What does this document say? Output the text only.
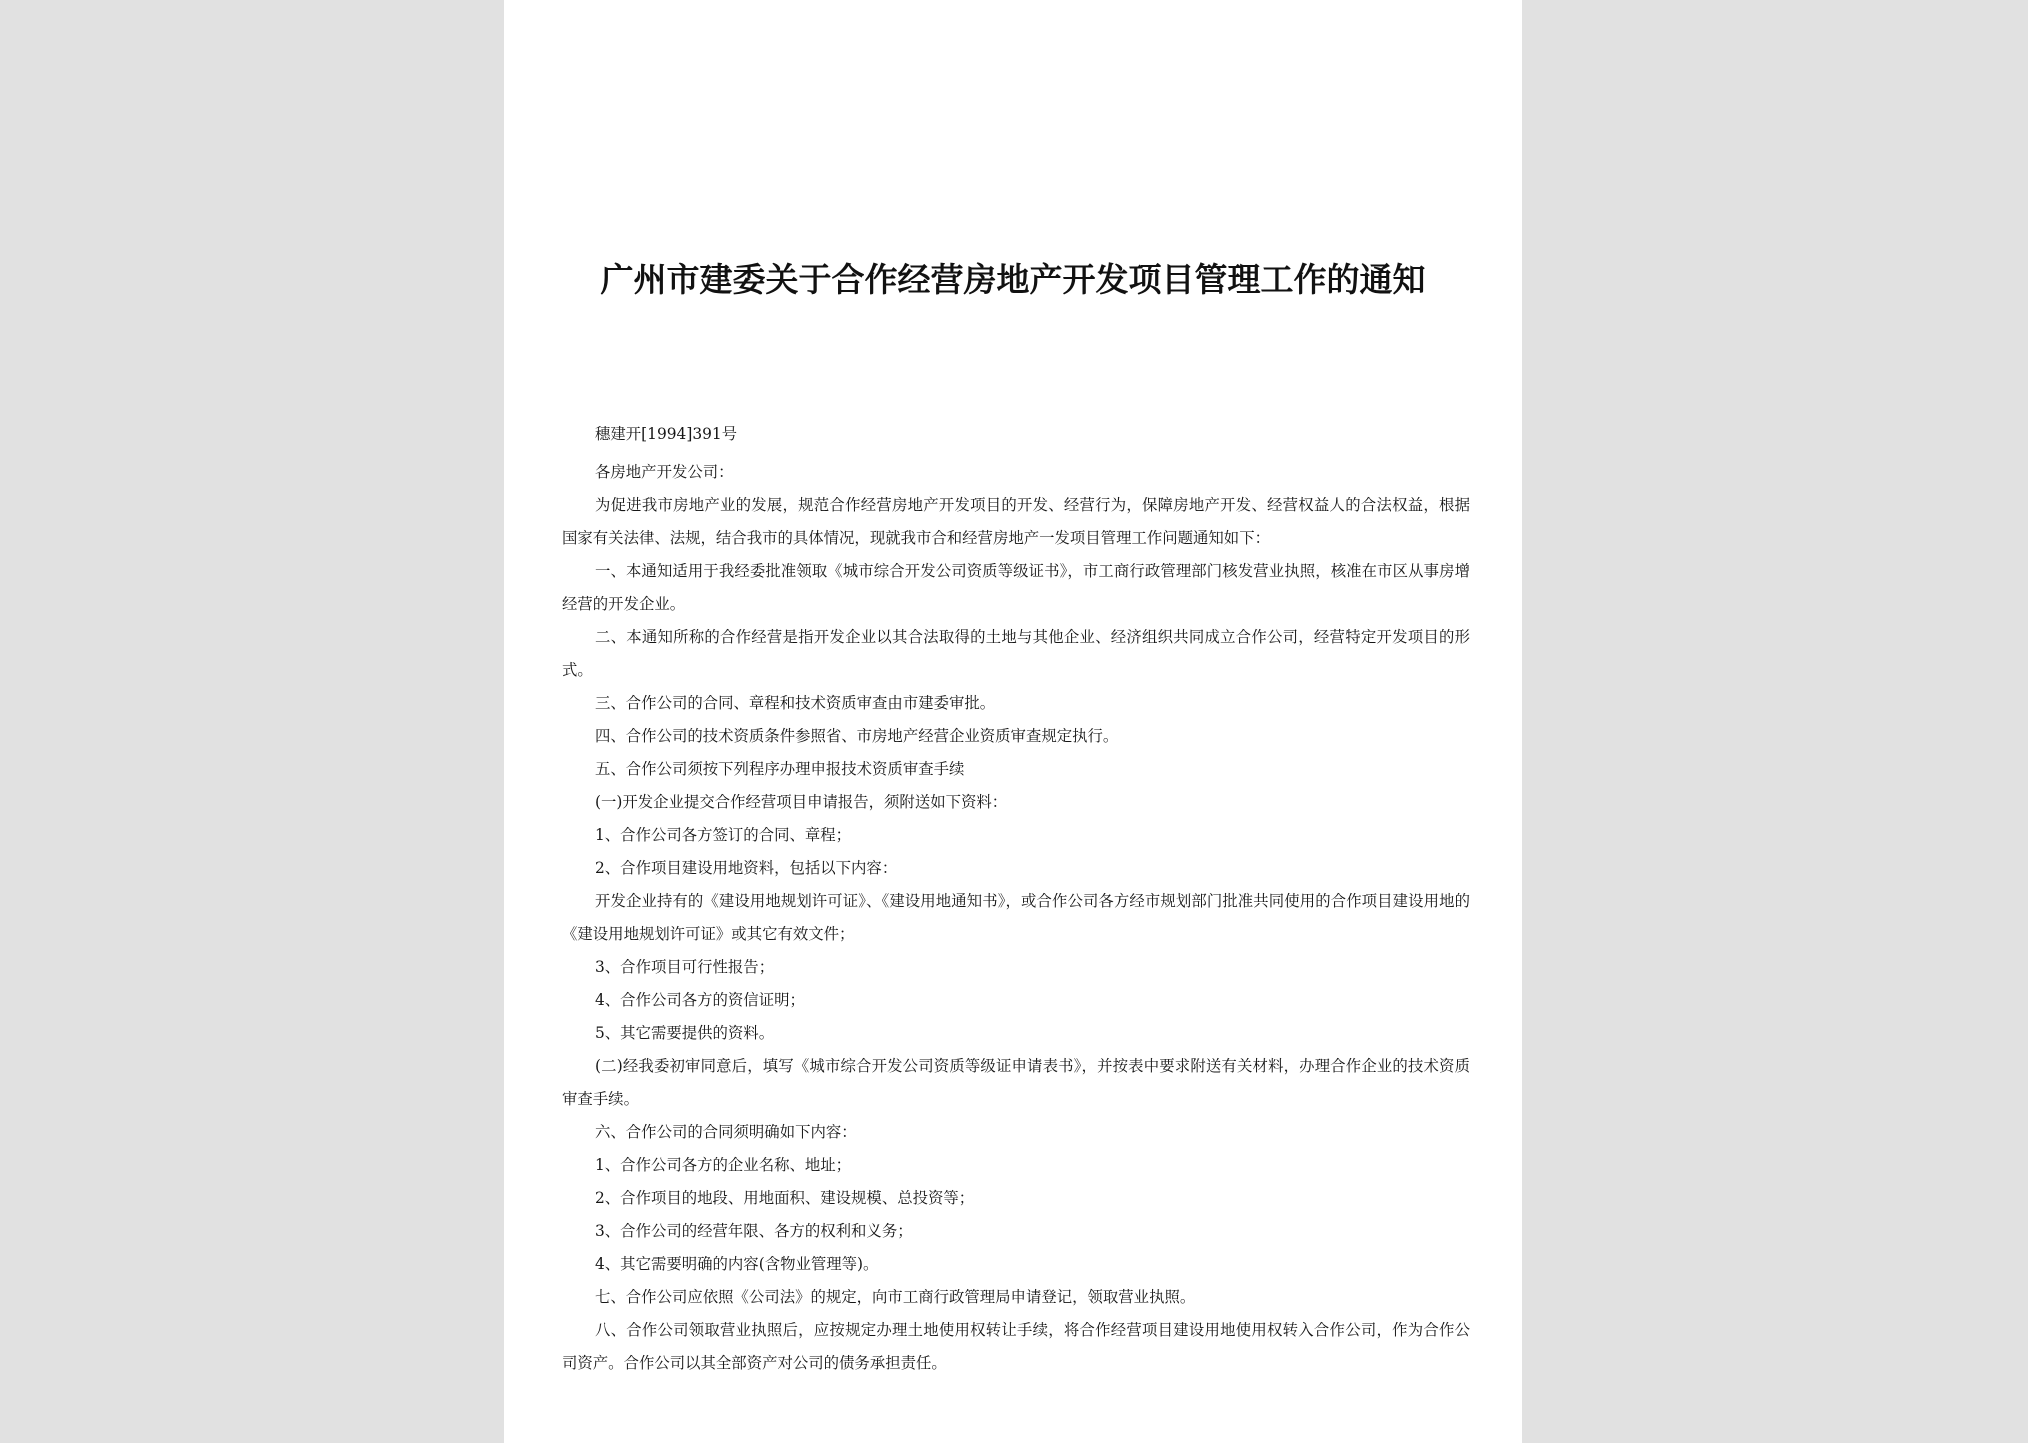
广州市建委关于合作经营房地产开发项目管理工作的通知

穗建开[1994]391号

各房地产开发公司：

为促进我市房地产业的发展，规范合作经营房地产开发项目的开发、经营行为，保障房地产开发、经营权益人的合法权益，根据国家有关法律、法规，结合我市的具体情况，现就我市合和经营房地产一发项目管理工作问题通知如下：

一、本通知适用于我经委批准领取《城市综合开发公司资质等级证书》，市工商行政管理部门核发营业执照，核准在市区从事房增经营的开发企业。

二、本通知所称的合作经营是指开发企业以其合法取得的土地与其他企业、经济组织共同成立合作公司，经营特定开发项目的形式。

三、合作公司的合同、章程和技术资质审查由市建委审批。

四、合作公司的技术资质条件参照省、市房地产经营企业资质审查规定执行。

五、合作公司须按下列程序办理申报技术资质审查手续

(一)开发企业提交合作经营项目申请报告，须附送如下资料：

1、合作公司各方签订的合同、章程；

2、合作项目建设用地资料，包括以下内容：

开发企业持有的《建设用地规划许可证》、《建设用地通知书》，或合作公司各方经市规划部门批准共同使用的合作项目建设用地的《建设用地规划许可证》或其它有效文件；

3、合作项目可行性报告；

4、合作公司各方的资信证明；

5、其它需要提供的资料。

(二)经我委初审同意后，填写《城市综合开发公司资质等级证申请表书》，并按表中要求附送有关材料，办理合作企业的技术资质审查手续。

六、合作公司的合同须明确如下内容：

1、合作公司各方的企业名称、地址；

2、合作项目的地段、用地面积、建设规模、总投资等；

3、合作公司的经营年限、各方的权利和义务；

4、其它需要明确的内容(含物业管理等)。

七、合作公司应依照《公司法》的规定，向市工商行政管理局申请登记，领取营业执照。

八、合作公司领取营业执照后，应按规定办理土地使用权转让手续，将合作经营项目建设用地使用权转入合作公司，作为合作公司资产。合作公司以其全部资产对公司的债务承担责任。
